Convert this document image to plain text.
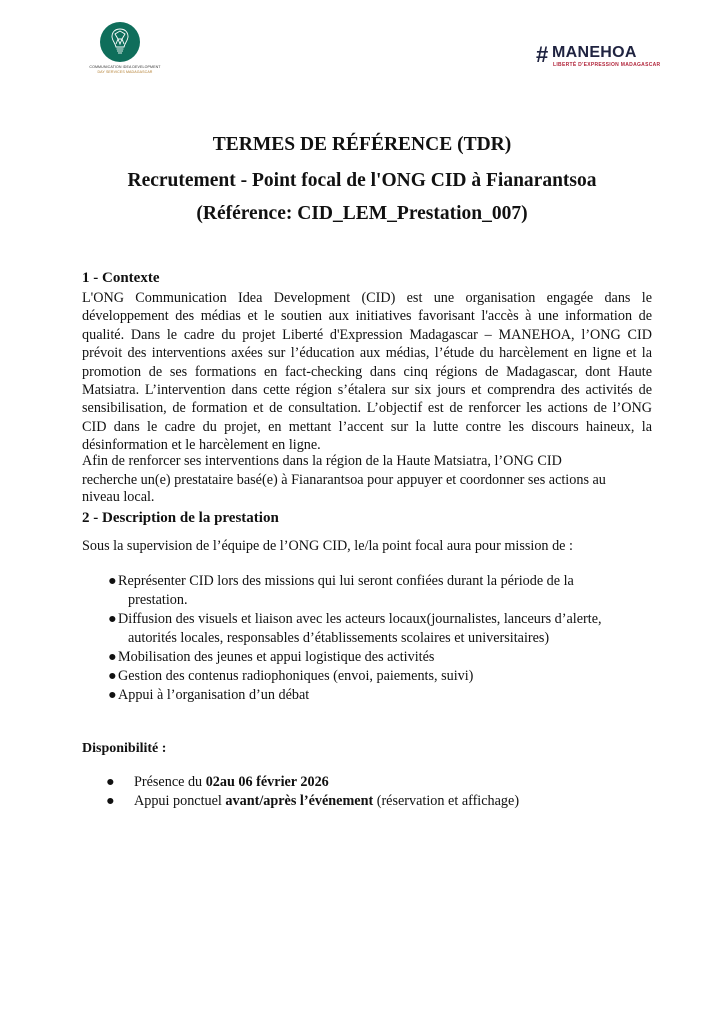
COMMUNICATION IDEA DEVELOPMENT
DAY SERVICES MADAGASCAR
# MANEHOA
LIBERTÉ D'EXPRESSION MADAGASCAR
TERMES DE RÉFÉRENCE (TDR)
Recrutement - Point focal de l'ONG CID à Fianarantsoa
(Référence: CID_LEM_Prestation_007)
1 - Contexte
L'ONG Communication Idea Development (CID) est une organisation engagée dans le
développement des médias et le soutien aux initiatives favorisant l'accès à une information de
qualité. Dans le cadre du projet Liberté d'Expression Madagascar – MANEHOA, l’ONG CID
prévoit des interventions axées sur l’éducation aux médias, l’étude du harcèlement en ligne et la
promotion de ses formations en fact-checking dans cinq régions de Madagascar, dont Haute
Matsiatra. L’intervention dans cette région s’étalera sur six jours et comprendra des activités de
sensibilisation, de formation et de consultation. L’objectif est de renforcer les actions de l’ONG
CID dans le cadre du projet, en mettant l’accent sur la lutte contre les discours haineux, la
désinformation et le harcèlement en ligne.
Afin de renforcer ses interventions dans la région de la Haute Matsiatra, l’ONG CID
recherche un(e) prestataire basé(e) à Fianarantsoa pour appuyer et coordonner ses actions au
niveau local.
2 - Description de la prestation
Sous la supervision de l’équipe de l’ONG CID, le/la point focal aura pour mission de :
● Représenter CID lors des missions qui lui seront confiées durant la période de la
prestation.
● Diffusion des visuels et liaison avec les acteurs locaux(journalistes, lanceurs d’alerte,
autorités locales, responsables d’établissements scolaires et universitaires)
● Mobilisation des jeunes et appui logistique des activités
● Gestion des contenus radiophoniques (envoi, paiements, suivi)
● Appui à l’organisation d’un débat
Disponibilité :
● Présence du 02au 06 février 2026
● Appui ponctuel avant/après l’événement (réservation et affichage)
